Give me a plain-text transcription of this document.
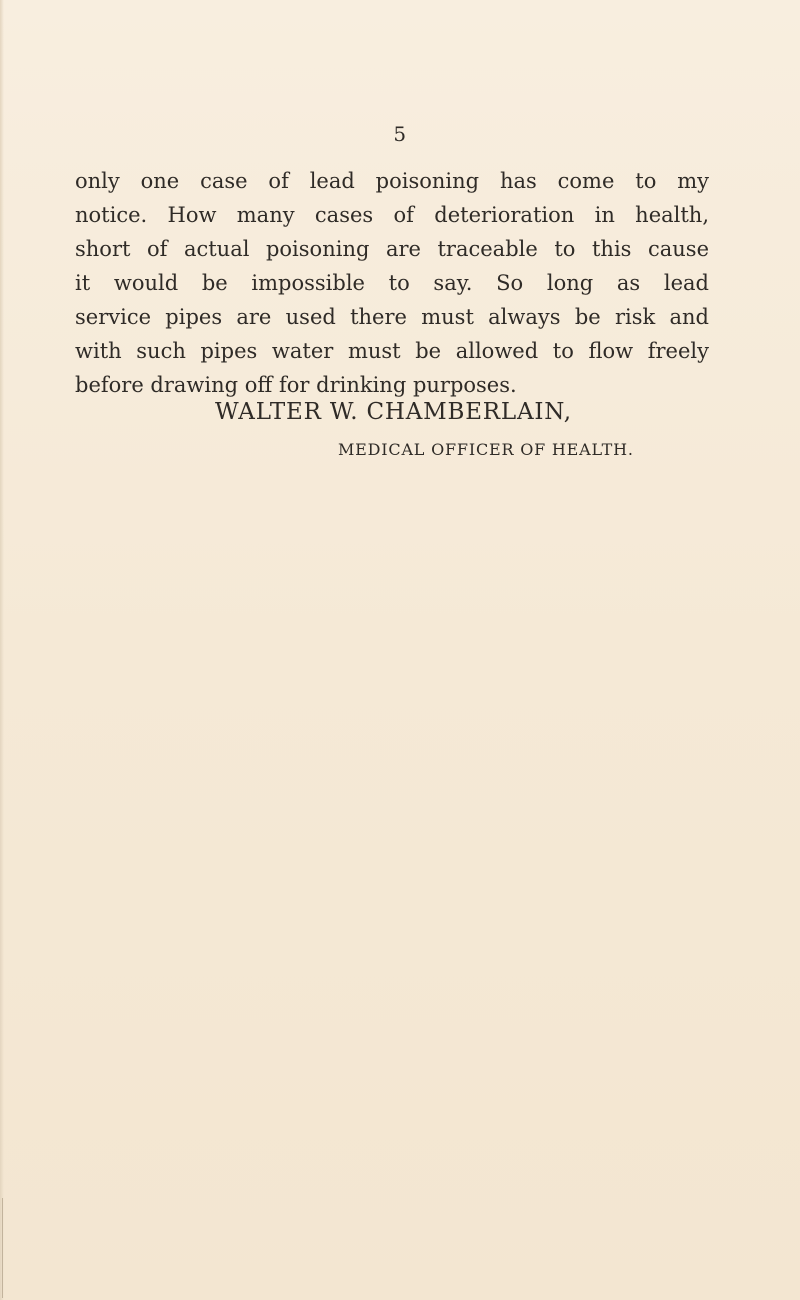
5
only one case of lead poisoning has come to my
notice. How many cases of deterioration in health,
short of actual poisoning are traceable to this cause
it would be impossible to say. So long as lead
service pipes are used there must always be risk and
with such pipes water must be allowed to flow freely
before drawing off for drinking purposes.
WALTER W. CHAMBERLAIN,
MEDICAL OFFICER OF HEALTH.
